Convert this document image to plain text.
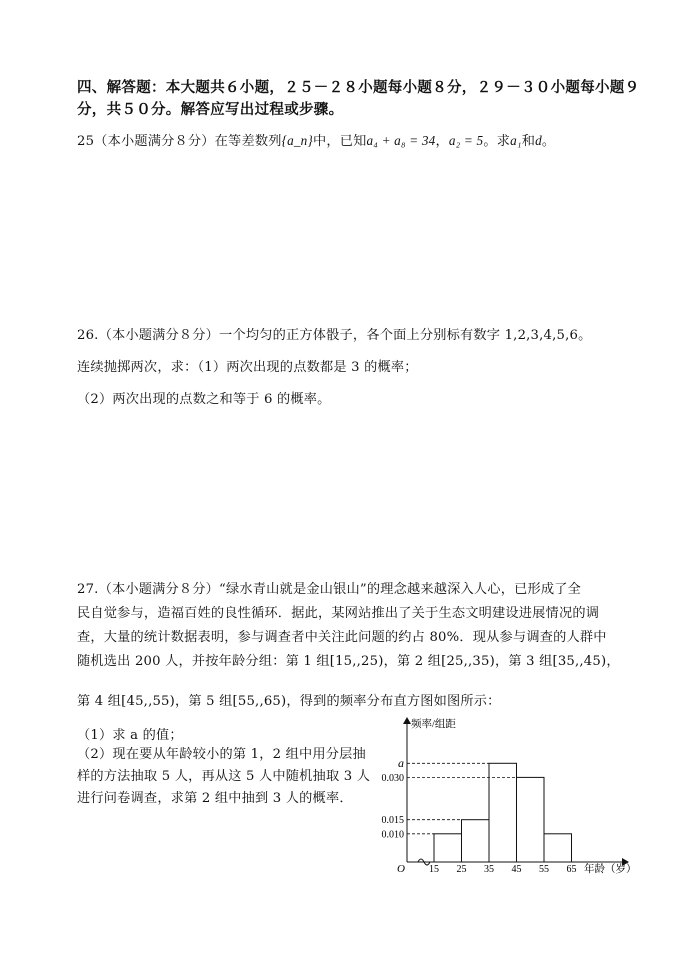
四、解答题：本大题共６小题，２５－２８小题每小题８分，２９－３０小题每小题９
分，共５０分。解答应写出过程或步骤。
25（本小题满分８分）在等差数列{a_n}中，已知a₄ + a₈ = 34，a₂ = 5。求a₁和d。
26.（本小题满分８分）一个均匀的正方体骰子，各个面上分别标有数字 1,2,3,4,5,6。
连续抛掷两次，求：（1）两次出现的点数都是 3 的概率；
（2）两次出现的点数之和等于 6 的概率。
27.（本小题满分８分）“绿水青山就是金山银山”的理念越来越深入人心，已形成了全
民自觉参与，造福百姓的良性循环．据此，某网站推出了关于生态文明建设进展情况的调
查，大量的统计数据表明，参与调查者中关注此问题的约占 80%．现从参与调查的人群中
随机选出 200 人，并按年龄分组：第 1 组[15,,25)，第 2 组[25,,35)，第 3 组[35,,45)，
第 4 组[45,,55)，第 5 组[55,,65)，得到的频率分布直方图如图所示：
（1）求 a 的值；
（2）现在要从年龄较小的第 1，2 组中用分层抽
样的方法抽取 5 人，再从这 5 人中随机抽取 3 人
进行问卷调查，求第 2 组中抽到 3 人的概率．
O
频率/组距
年龄（岁）
a
0.030
0.015
0.010
15 25 35 45 55 65
